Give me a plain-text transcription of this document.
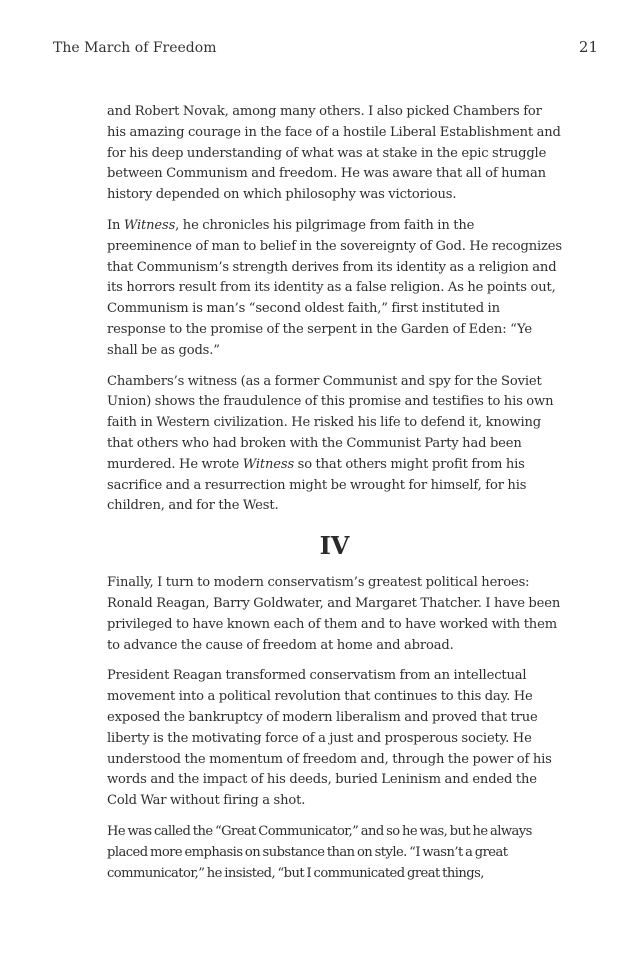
The March of Freedom	21

and Robert Novak, among many others. I also picked Chambers for his amazing courage in the face of a hostile Liberal Establishment and for his deep understanding of what was at stake in the epic struggle between Communism and freedom. He was aware that all of human history depended on which philosophy was victorious.

In Witness, he chronicles his pilgrimage from faith in the preeminence of man to belief in the sovereignty of God. He recognizes that Communism’s strength derives from its identity as a religion and its horrors result from its identity as a false religion. As he points out, Communism is man’s “second oldest faith,” first instituted in response to the promise of the serpent in the Garden of Eden: “Ye shall be as gods.”

Chambers’s witness (as a former Communist and spy for the Soviet Union) shows the fraudulence of this promise and testifies to his own faith in Western civilization. He risked his life to defend it, knowing that others who had broken with the Communist Party had been murdered. He wrote Witness so that others might profit from his sacrifice and a resurrection might be wrought for himself, for his children, and for the West.

IV

Finally, I turn to modern conservatism’s greatest political heroes: Ronald Reagan, Barry Goldwater, and Margaret Thatcher. I have been privileged to have known each of them and to have worked with them to advance the cause of freedom at home and abroad.

President Reagan transformed conservatism from an intellectual movement into a political revolution that continues to this day. He exposed the bankruptcy of modern liberalism and proved that true liberty is the motivating force of a just and prosperous society. He understood the momentum of freedom and, through the power of his words and the impact of his deeds, buried Leninism and ended the Cold War without firing a shot.

He was called the “Great Communicator,” and so he was, but he always placed more emphasis on substance than on style. “I wasn’t a great communicator,” he insisted, “but I communicated great things,
